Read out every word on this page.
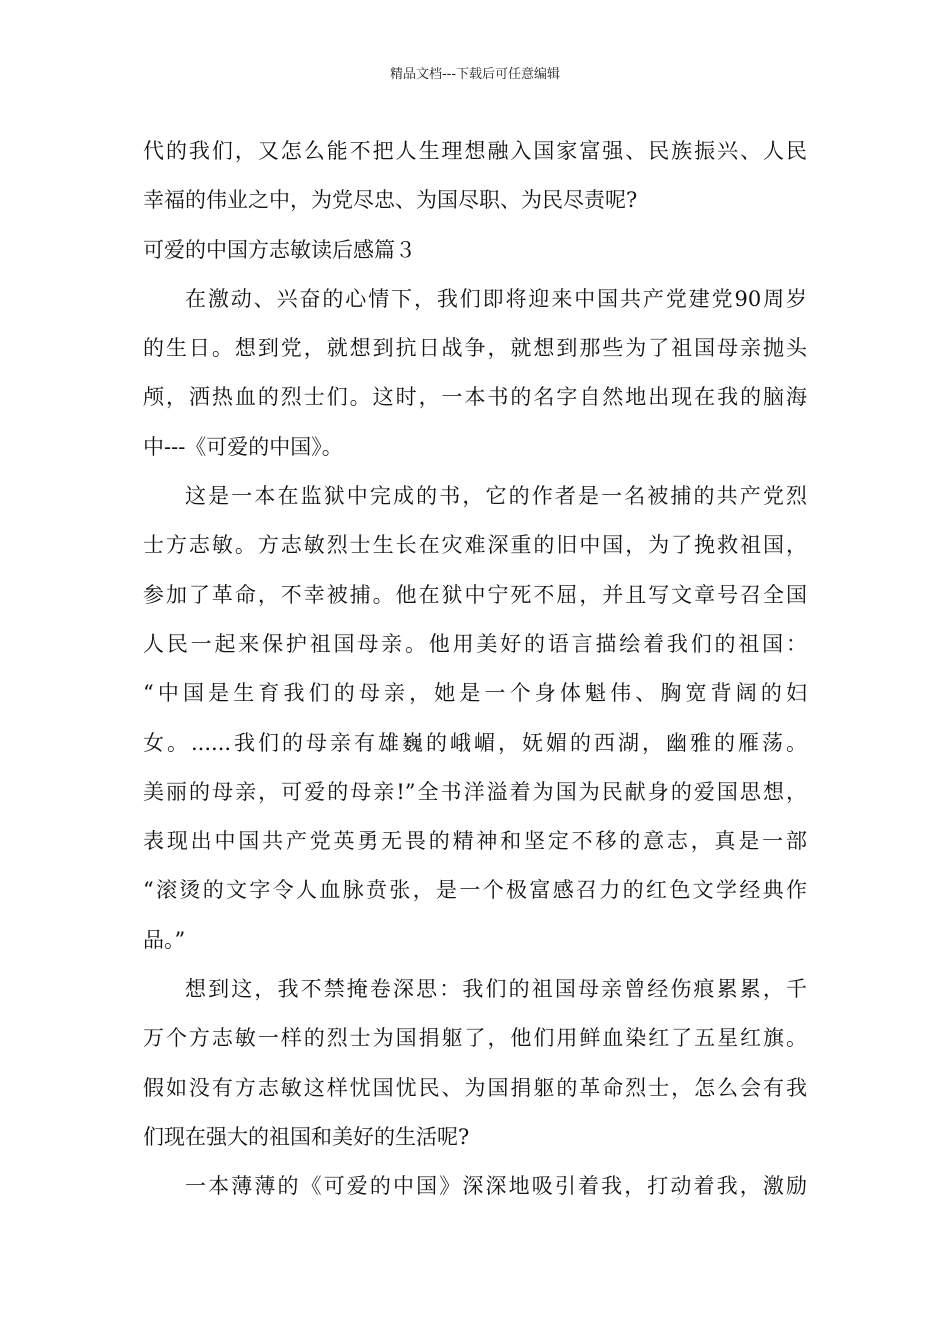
精品文档---下载后可任意编辑
代的我们，又怎么能不把人生理想融入国家富强、民族振兴、人民
幸福的伟业之中，为党尽忠、为国尽职、为民尽责呢?
可爱的中国方志敏读后感篇３
在激动、兴奋的心情下，我们即将迎来中国共产党建党90周岁
的生日。想到党，就想到抗日战争，就想到那些为了祖国母亲抛头
颅，洒热血的烈士们。这时，一本书的名字自然地出现在我的脑海
中---《可爱的中国》。
这是一本在监狱中完成的书，它的作者是一名被捕的共产党烈
士方志敏。方志敏烈士生长在灾难深重的旧中国，为了挽救祖国，
参加了革命，不幸被捕。他在狱中宁死不屈，并且写文章号召全国
人民一起来保护祖国母亲。他用美好的语言描绘着我们的祖国：
“中国是生育我们的母亲，她是一个身体魁伟、胸宽背阔的妇
女。......我们的母亲有雄巍的峨嵋，妩媚的西湖，幽雅的雁荡。
美丽的母亲，可爱的母亲!”全书洋溢着为国为民献身的爱国思想，
表现出中国共产党英勇无畏的精神和坚定不移的意志，真是一部
“滚烫的文字令人血脉贲张，是一个极富感召力的红色文学经典作
品。”
想到这，我不禁掩卷深思：我们的祖国母亲曾经伤痕累累，千
万个方志敏一样的烈士为国捐躯了，他们用鲜血染红了五星红旗。
假如没有方志敏这样忧国忧民、为国捐躯的革命烈士，怎么会有我
们现在强大的祖国和美好的生活呢?
一本薄薄的《可爱的中国》深深地吸引着我，打动着我，激励
